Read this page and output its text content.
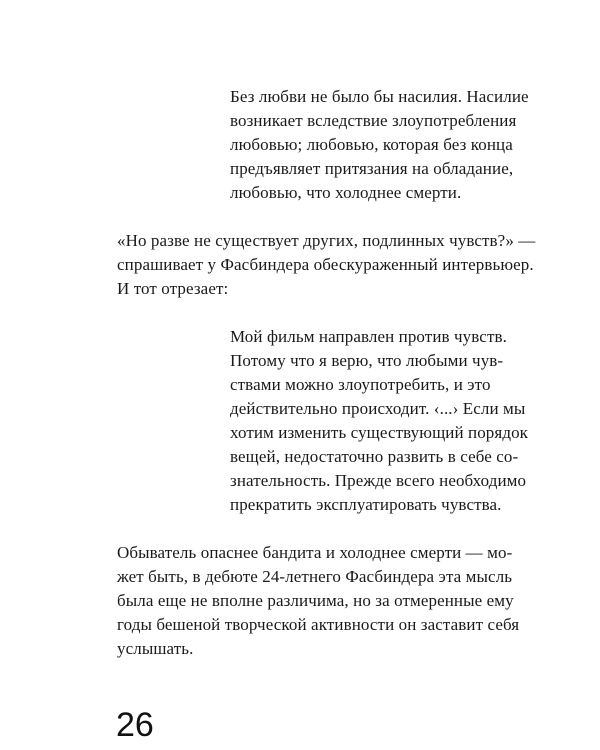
Без любви не было бы насилия. Насилие
возникает вследствие злоупотребления
любовью; любовью, которая без конца
предъявляет притязания на обладание,
любовью, что холоднее смерти.
«Но разве не существует других, подлинных чувств?» —
спрашивает у Фасбиндера обескураженный интервьюер.
И тот отрезает:
Мой фильм направлен против чувств.
Потому что я верю, что любыми чув-
ствами можно злоупотребить, и это
действительно происходит. ‹...› Если мы
хотим изменить существующий порядок
вещей, недостаточно развить в себе со-
знательность. Прежде всего необходимо
прекратить эксплуатировать чувства.
Обыватель опаснее бандита и холоднее смерти — мо-
жет быть, в дебюте 24-летнего Фасбиндера эта мысль
была еще не вполне различима, но за отмеренные ему
годы бешеной творческой активности он заставит себя
услышать.
26
